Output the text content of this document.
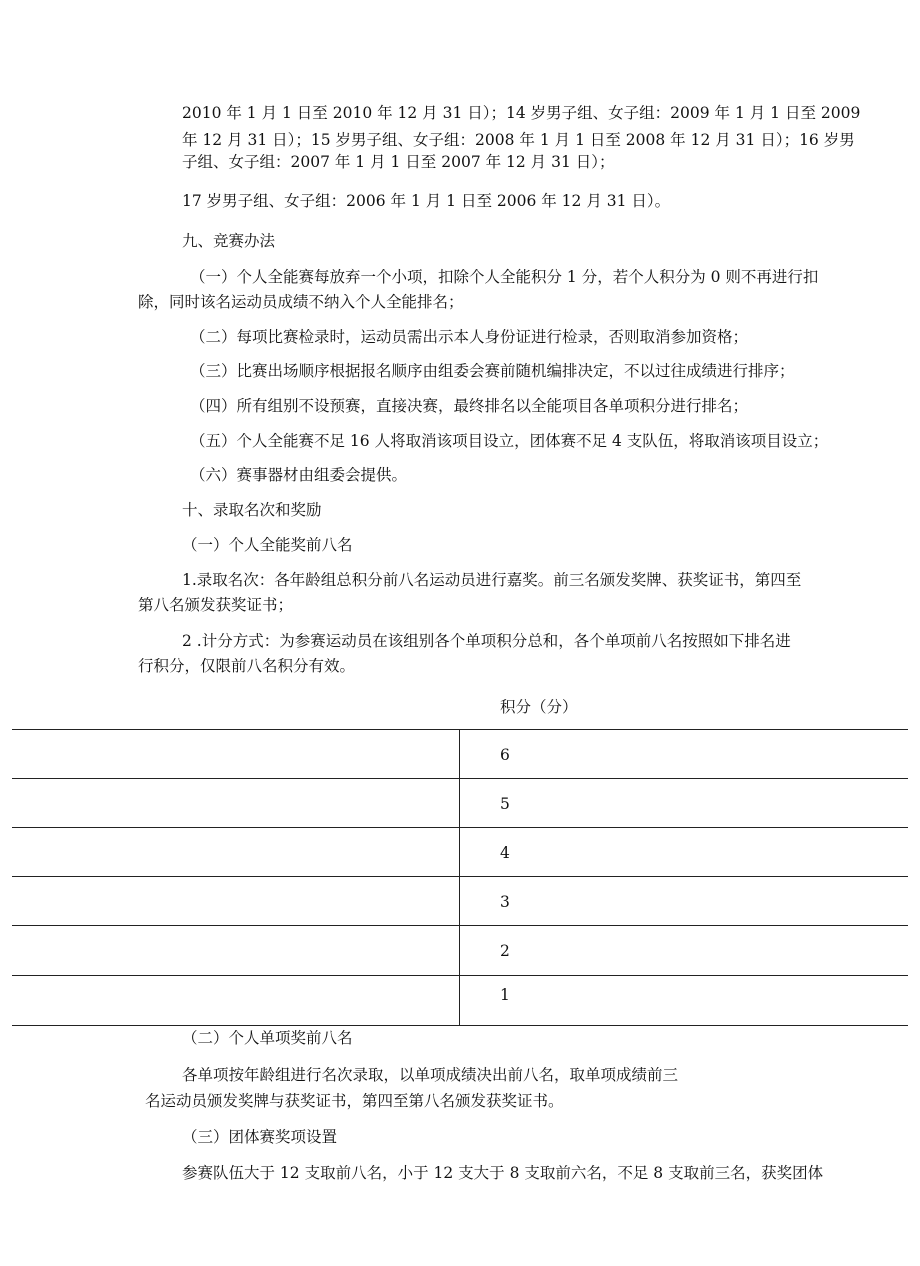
2010 年 1 月 1 日至 2010 年 12 月 31 日）；14 岁男子组、女子组：2009 年 1 月 1 日至 2009
年 12 月 31 日）；15 岁男子组、女子组：2008 年 1 月 1 日至 2008 年 12 月 31 日）；16 岁男
子组、女子组：2007 年 1 月 1 日至 2007 年 12 月 31 日）；
17 岁男子组、女子组：2006 年 1 月 1 日至 2006 年 12 月 31 日）。
九、竞赛办法
（一）个人全能赛每放弃一个小项，扣除个人全能积分 1 分，若个人积分为 0 则不再进行扣
除，同时该名运动员成绩不纳入个人全能排名；
（二）每项比赛检录时，运动员需出示本人身份证进行检录，否则取消参加资格；
（三）比赛出场顺序根据报名顺序由组委会赛前随机编排决定，不以过往成绩进行排序；
（四）所有组别不设预赛，直接决赛，最终排名以全能项目各单项积分进行排名；
（五）个人全能赛不足 16 人将取消该项目设立，团体赛不足 4 支队伍，将取消该项目设立；
（六）赛事器材由组委会提供。
十、录取名次和奖励
（一）个人全能奖前八名
1.录取名次：各年龄组总积分前八名运动员进行嘉奖。前三名颁发奖牌、获奖证书，第四至
第八名颁发获奖证书；
2 .计分方式：为参赛运动员在该组别各个单项积分总和，各个单项前八名按照如下排名进
行积分，仅限前八名积分有效。
积分（分）
6
5
4
3
2
1
（二）个人单项奖前八名
各单项按年龄组进行名次录取，以单项成绩决出前八名，取单项成绩前三
名运动员颁发奖牌与获奖证书，第四至第八名颁发获奖证书。
（三）团体赛奖项设置
参赛队伍大于 12 支取前八名，小于 12 支大于 8 支取前六名，不足 8 支取前三名，获奖团体
